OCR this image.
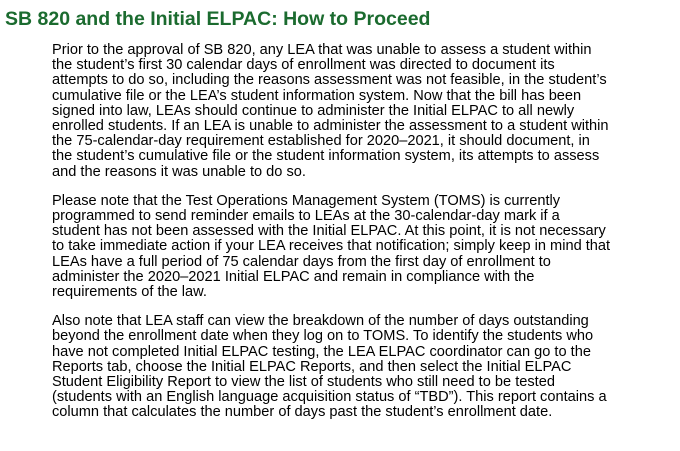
SB 820 and the Initial ELPAC: How to Proceed

Prior to the approval of SB 820, any LEA that was unable to assess a student within
the student’s first 30 calendar days of enrollment was directed to document its
attempts to do so, including the reasons assessment was not feasible, in the student’s
cumulative file or the LEA’s student information system. Now that the bill has been
signed into law, LEAs should continue to administer the Initial ELPAC to all newly
enrolled students. If an LEA is unable to administer the assessment to a student within
the 75-calendar-day requirement established for 2020–2021, it should document, in
the student’s cumulative file or the student information system, its attempts to assess
and the reasons it was unable to do so.

Please note that the Test Operations Management System (TOMS) is currently
programmed to send reminder emails to LEAs at the 30-calendar-day mark if a
student has not been assessed with the Initial ELPAC. At this point, it is not necessary
to take immediate action if your LEA receives that notification; simply keep in mind that
LEAs have a full period of 75 calendar days from the first day of enrollment to
administer the 2020–2021 Initial ELPAC and remain in compliance with the
requirements of the law.

Also note that LEA staff can view the breakdown of the number of days outstanding
beyond the enrollment date when they log on to TOMS. To identify the students who
have not completed Initial ELPAC testing, the LEA ELPAC coordinator can go to the
Reports tab, choose the Initial ELPAC Reports, and then select the Initial ELPAC
Student Eligibility Report to view the list of students who still need to be tested
(students with an English language acquisition status of “TBD”). This report contains a
column that calculates the number of days past the student’s enrollment date.
